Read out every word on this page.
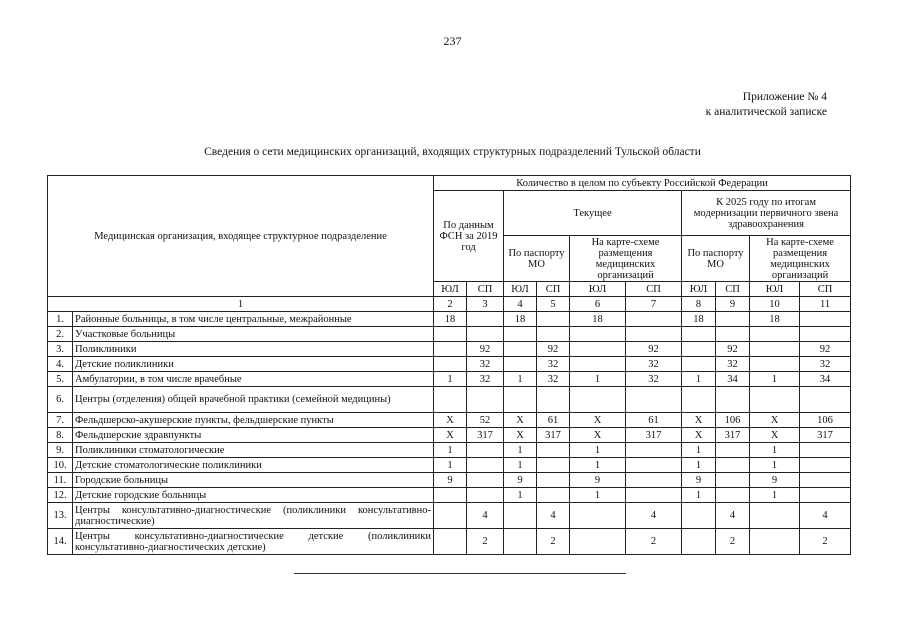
237
Приложение № 4
к аналитической записке
Сведения о сети медицинских организаций, входящих структурных подразделений Тульской области
Медицинская организация, входящее структурное подразделение		Количество в целом по субъекту Российской Федерации									
		По данным ФСН за 2019 год		Текущее				К 2025 году по итогам модернизации первичного звена здравоохранения			
				По паспорту МО		На карте-схеме размещения медицинских организаций		По паспорту МО		На карте-схеме размещения медицинских организаций	
		ЮЛ	СП	ЮЛ	СП	ЮЛ	СП	ЮЛ	СП	ЮЛ	СП
1		2	3	4	5	6	7	8	9	10	11
1.	Районные больницы, в том числе центральные, межрайонные	18		18		18		18		18	
2.	Участковые больницы										
3.	Поликлиники		92		92		92		92		92
4.	Детские поликлиники		32		32		32		32		32
5.	Амбулатории, в том числе врачебные	1	32	1	32	1	32	1	34	1	34
6.	Центры (отделения) общей врачебной практики (семейной медицины)										
7.	Фельдшерско-акушерские пункты, фельдшерские пункты	X	52	X	61	X	61	X	106	X	106
8.	Фельдшерские здравпункты	X	317	X	317	X	317	X	317	X	317
9.	Поликлиники стоматологические	1		1		1		1		1	
10.	Детские стоматологические поликлиники	1		1		1		1		1	
11.	Городские больницы	9		9		9		9		9	
12.	Детские городские больницы			1		1		1		1	
13.	Центры консультативно-диагностические (поликлиники консультативно-диагностические)		4		4		4		4		4
14.	Центры консультативно-диагностические детские (поликлиники консультативно-диагностических детские)		2		2		2		2		2
